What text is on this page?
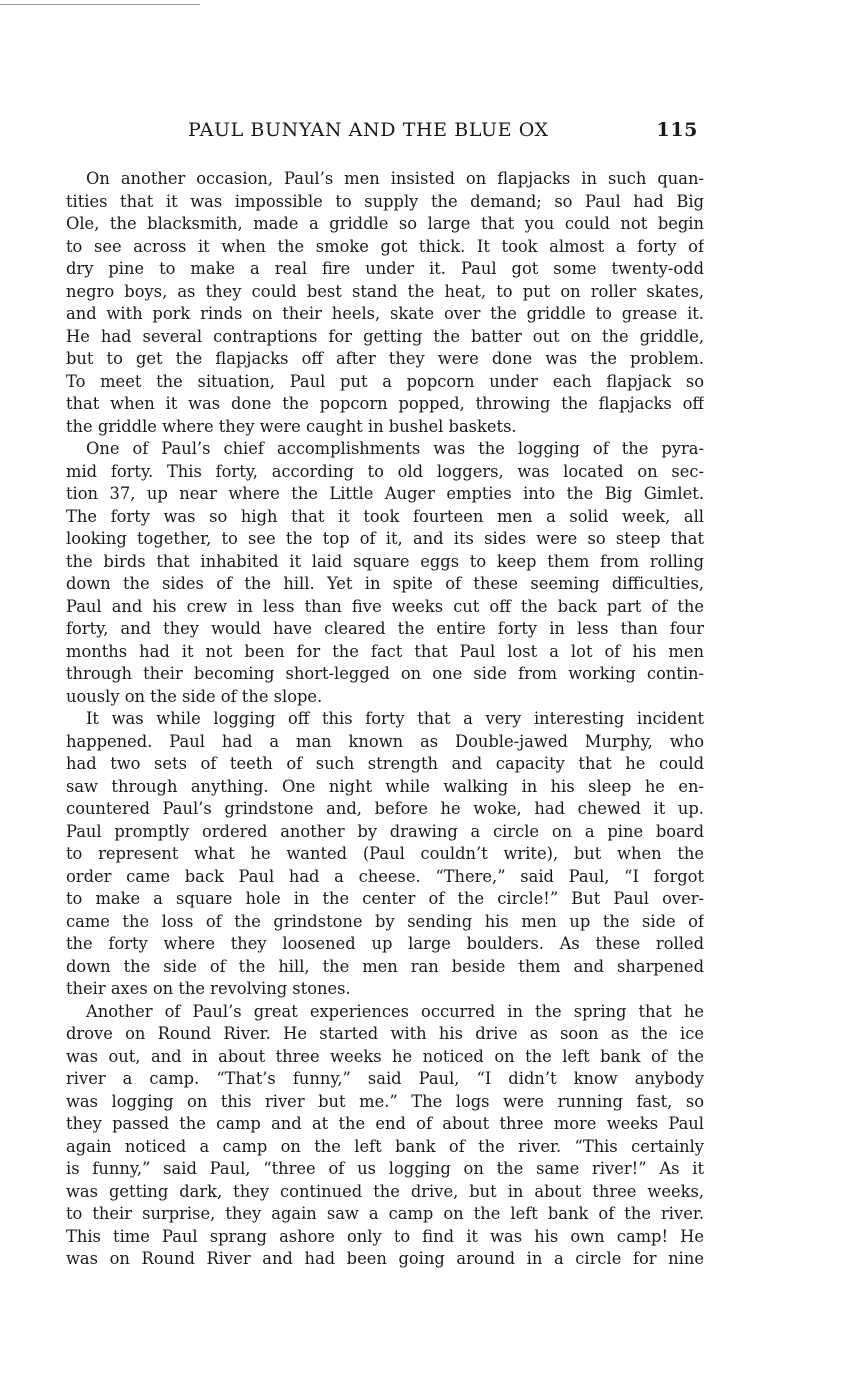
PAUL BUNYAN AND THE BLUE OX	115
On another occasion, Paul’s men insisted on flapjacks in such quan-
tities that it was impossible to supply the demand; so Paul had Big
Ole, the blacksmith, made a griddle so large that you could not begin
to see across it when the smoke got thick. It took almost a forty of
dry pine to make a real fire under it. Paul got some twenty-odd
negro boys, as they could best stand the heat, to put on roller skates,
and with pork rinds on their heels, skate over the griddle to grease it.
He had several contraptions for getting the batter out on the griddle,
but to get the flapjacks off after they were done was the problem.
To meet the situation, Paul put a popcorn under each flapjack so
that when it was done the popcorn popped, throwing the flapjacks off
the griddle where they were caught in bushel baskets.
One of Paul’s chief accomplishments was the logging of the pyra-
mid forty. This forty, according to old loggers, was located on sec-
tion 37, up near where the Little Auger empties into the Big Gimlet.
The forty was so high that it took fourteen men a solid week, all
looking together, to see the top of it, and its sides were so steep that
the birds that inhabited it laid square eggs to keep them from rolling
down the sides of the hill. Yet in spite of these seeming difficulties,
Paul and his crew in less than five weeks cut off the back part of the
forty, and they would have cleared the entire forty in less than four
months had it not been for the fact that Paul lost a lot of his men
through their becoming short-legged on one side from working contin-
uously on the side of the slope.
It was while logging off this forty that a very interesting incident
happened. Paul had a man known as Double-jawed Murphy, who
had two sets of teeth of such strength and capacity that he could
saw through anything. One night while walking in his sleep he en-
countered Paul’s grindstone and, before he woke, had chewed it up.
Paul promptly ordered another by drawing a circle on a pine board
to represent what he wanted (Paul couldn’t write), but when the
order came back Paul had a cheese. “There,” said Paul, “I forgot
to make a square hole in the center of the circle!” But Paul over-
came the loss of the grindstone by sending his men up the side of
the forty where they loosened up large boulders. As these rolled
down the side of the hill, the men ran beside them and sharpened
their axes on the revolving stones.
Another of Paul’s great experiences occurred in the spring that he
drove on Round River. He started with his drive as soon as the ice
was out, and in about three weeks he noticed on the left bank of the
river a camp. “That’s funny,” said Paul, “I didn’t know anybody
was logging on this river but me.” The logs were running fast, so
they passed the camp and at the end of about three more weeks Paul
again noticed a camp on the left bank of the river. “This certainly
is funny,” said Paul, “three of us logging on the same river!” As it
was getting dark, they continued the drive, but in about three weeks,
to their surprise, they again saw a camp on the left bank of the river.
This time Paul sprang ashore only to find it was his own camp! He
was on Round River and had been going around in a circle for nine
